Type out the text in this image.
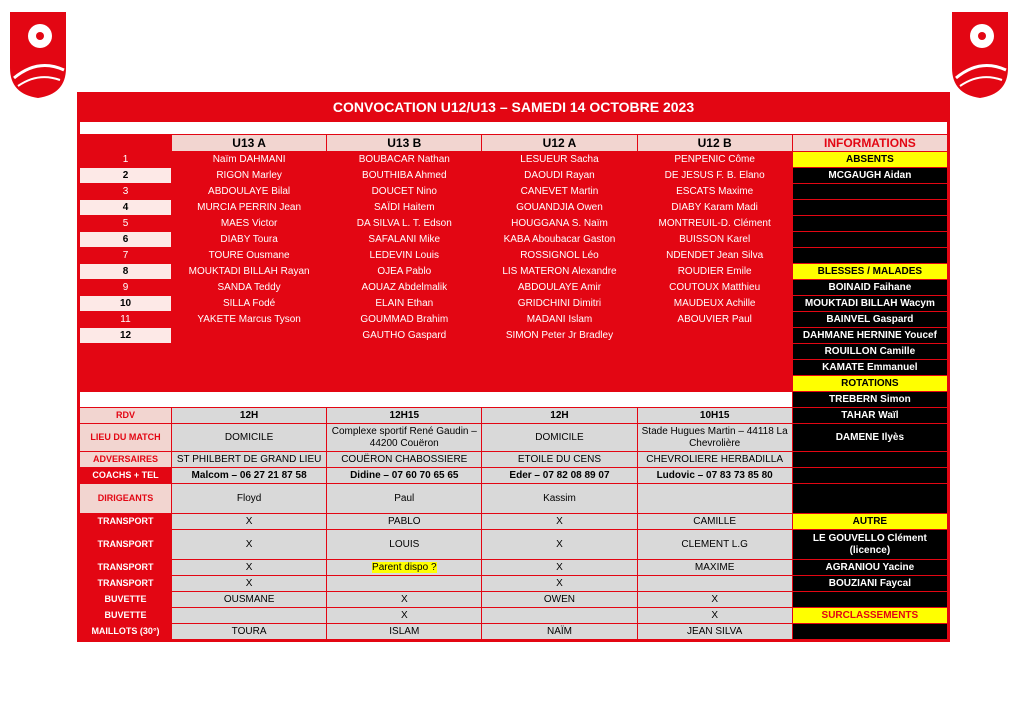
CONVOCATION U12/U13 – SAMEDI 14 OCTOBRE 2023

	U13 A	U13 B	U12 A	U12 B	INFORMATIONS
1	Naïm DAHMANI	BOUBACAR Nathan	LESUEUR Sacha	PENPENIC Côme	ABSENTS
2	RIGON Marley	BOUTHIBA Ahmed	DAOUDI Rayan	DE JESUS F. B. Elano	MCGAUGH Aidan
3	ABDOULAYE Bilal	DOUCET Nino	CANEVET Martin	ESCATS Maxime	
4	MURCIA PERRIN Jean	SAÏDI Haitem	GOUANDJIA Owen	DIABY Karam Madi	
5	MAES Victor	DA SILVA L. T. Edson	HOUGGANA S. Naïm	MONTREUIL-D. Clément	
6	DIABY Toura	SAFALANI Mike	KABA Aboubacar Gaston	BUISSON Karel	
7	TOURE Ousmane	LEDEVIN Louis	ROSSIGNOL Léo	NDENDET Jean Silva	
8	MOUKTADI BILLAH Rayan	OJEA Pablo	LIS MATERON Alexandre	ROUDIER Emile	BLESSES / MALADES
9	SANDA Teddy	AOUAZ Abdelmalik	ABDOULAYE Amir	COUTOUX Matthieu	BOINAID Faihane
10	SILLA Fodé	ELAIN Ethan	GRIDCHINI Dimitri	MAUDEUX Achille	MOUKTADI BILLAH Wacym
11	YAKETE Marcus Tyson	GOUMMAD Brahim	MADANI Islam	ABOUVIER Paul	BAINVEL Gaspard
12		GAUTHO Gaspard	SIMON Peter Jr Bradley		DAHMANE HERNINE Youcef
					ROUILLON Camille
					KAMATE Emmanuel
					ROTATIONS
					TREBERN Simon
RDV	12H	12H15	12H	10H15	TAHAR Waïl
LIEU DU MATCH	DOMICILE	Complexe sportif René Gaudin – 44200 Couëron	DOMICILE	Stade Hugues Martin – 44118 La Chevrolière	DAMENE Ilyès
ADVERSAIRES	ST PHILBERT DE GRAND LIEU	COUËRON CHABOSSIERE	ETOILE DU CENS	CHEVROLIERE HERBADILLA	
COACHS + TEL	Malcom – 06 27 21 87 58	Didine – 07 60 70 65 65	Eder – 07 82 08 89 07	Ludovic – 07 83 73 85 80	
DIRIGEANTS	Floyd	Paul	Kassim		
TRANSPORT	X	PABLO	X	CAMILLE	AUTRE
TRANSPORT	X	LOUIS	X	CLEMENT L.G	LE GOUVELLO Clément (licence)
TRANSPORT	X	Parent dispo ?	X	MAXIME	AGRANIOU Yacine
TRANSPORT	X		X		BOUZIANI Faycal
BUVETTE	OUSMANE	X	OWEN	X	
BUVETTE		X		X	SURCLASSEMENTS
MAILLOTS (30°)	TOURA	ISLAM	NAÏM	JEAN SILVA	
